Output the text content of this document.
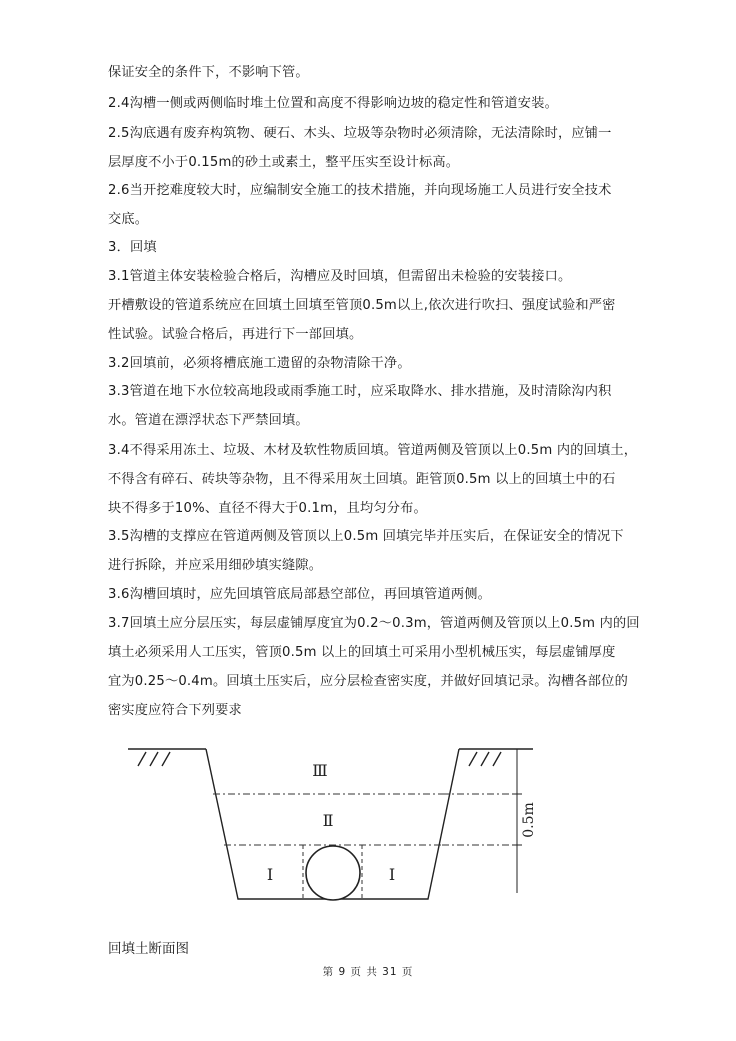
保证安全的条件下，不影响下管。
2.4沟槽一侧或两侧临时堆土位置和高度不得影响边坡的稳定性和管道安装。
2.5沟底遇有废弃构筑物、硬石、木头、垃圾等杂物时必须清除，无法清除时，应铺一
层厚度不小于0.15m的砂土或素土，整平压实至设计标高。
2.6当开挖难度较大时，应编制安全施工的技术措施，并向现场施工人员进行安全技术
交底。
3．回填
3.1管道主体安装检验合格后，沟槽应及时回填，但需留出未检验的安装接口。
开槽敷设的管道系统应在回填土回填至管顶0.5m以上,依次进行吹扫、强度试验和严密
性试验。试验合格后，再进行下一部回填。
3.2回填前，必须将槽底施工遗留的杂物清除干净。
3.3管道在地下水位较高地段或雨季施工时，应采取降水、排水措施，及时清除沟内积
水。管道在漂浮状态下严禁回填。
3.4不得采用冻土、垃圾、木材及软性物质回填。管道两侧及管顶以上0.5m 内的回填土，
不得含有碎石、砖块等杂物，且不得采用灰土回填。距管顶0.5m 以上的回填土中的石
块不得多于10%、直径不得大于0.1m，且均匀分布。
3.5沟槽的支撑应在管道两侧及管顶以上0.5m 回填完毕并压实后，在保证安全的情况下
进行拆除，并应采用细砂填实缝隙。
3.6沟槽回填时，应先回填管底局部悬空部位，再回填管道两侧。
3.7回填土应分层压实，每层虚铺厚度宜为0.2～0.3m，管道两侧及管顶以上0.5m 内的回
填土必须采用人工压实，管顶0.5m 以上的回填土可采用小型机械压实，每层虚铺厚度
宜为0.25～0.4m。回填土压实后，应分层检查密实度，并做好回填记录。沟槽各部位的
密实度应符合下列要求
Ⅲ
Ⅱ
Ⅰ	Ⅰ
0.5m
回填土断面图
第 9 页 共 31 页
